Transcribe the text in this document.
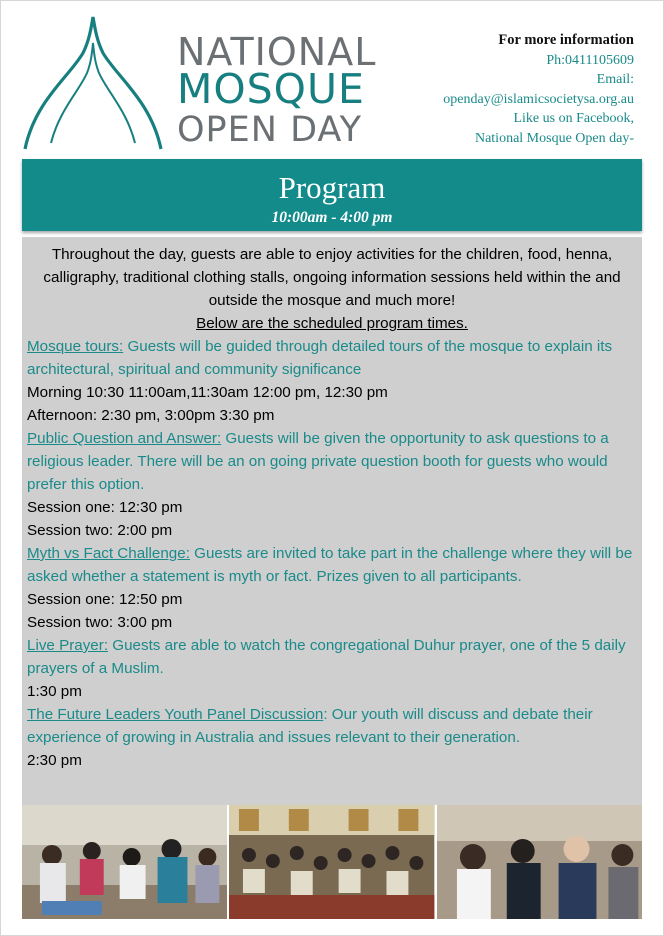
NATIONAL
MOSQUE
OPEN DAY
For more information
Ph:0411105609
Email:
openday@islamicsocietysa.org.au
Like us on Facebook,
National Mosque Open day-
Program
10:00am - 4:00 pm

Throughout the day, guests are able to enjoy activities for the children, food, henna, calligraphy, traditional clothing stalls, ongoing information sessions held within the and outside the mosque and much more!

Below are the scheduled program times.

Mosque tours: Guests will be guided through detailed tours of the mosque to explain its architectural, spiritual and community significance

Morning 10:30 11:00am,11:30am 12:00 pm, 12:30 pm

Afternoon: 2:30 pm, 3:00pm 3:30 pm

Public Question and Answer: Guests will be given the opportunity to ask questions to a religious leader. There will be an on going private question booth for guests who would prefer this option.

Session one: 12:30 pm

Session two: 2:00 pm

Myth vs Fact Challenge: Guests are invited to take part in the challenge where they will be asked whether a statement is myth or fact. Prizes given to all participants.

Session one: 12:50 pm

Session two: 3:00 pm

Live Prayer: Guests are able to watch the congregational Duhur prayer, one of the 5 daily prayers of a Muslim.

1:30 pm

The Future Leaders Youth Panel Discussion: Our youth will discuss and debate their experience of growing in Australia and issues relevant to their generation.

2:30 pm
